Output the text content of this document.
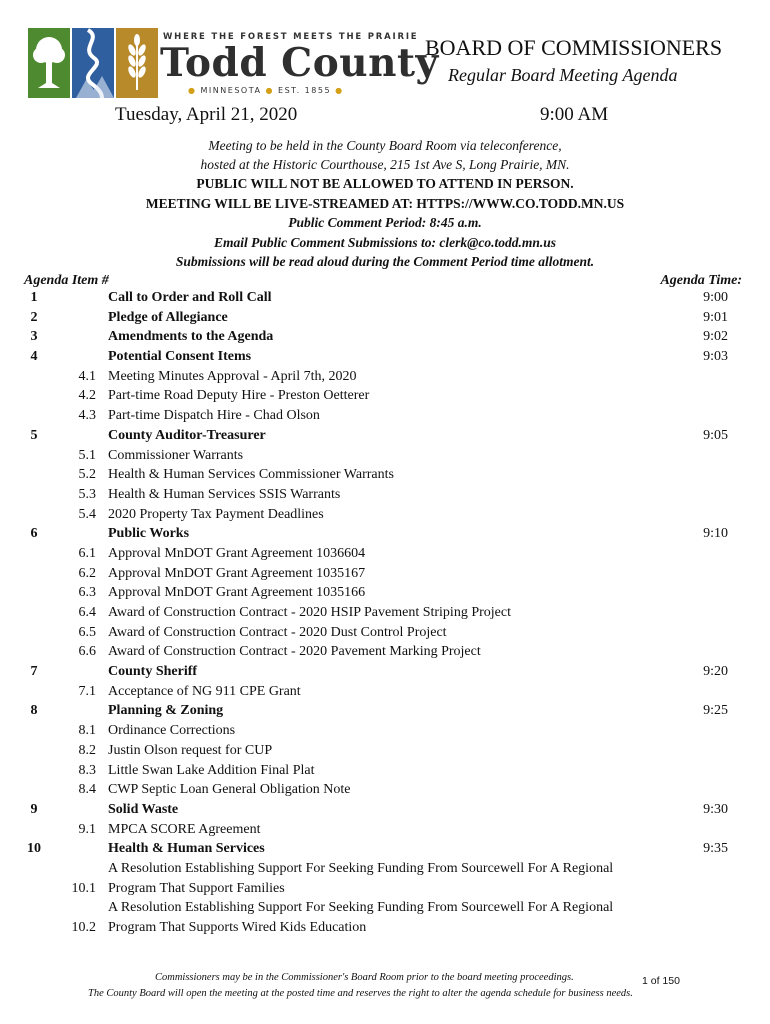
WHERE THE FOREST MEETS THE PRAIRIE
Todd County
● MINNESOTA ● EST. 1855 ●
BOARD OF COMMISSIONERS
Regular Board Meeting Agenda
Tuesday, April 21, 2020	9:00 AM
Meeting to be held in the County Board Room via teleconference,
hosted at the Historic Courthouse, 215 1st Ave S, Long Prairie, MN.
PUBLIC WILL NOT BE ALLOWED TO ATTEND IN PERSON.
MEETING WILL BE LIVE-STREAMED AT: HTTPS://WWW.CO.TODD.MN.US
Public Comment Period: 8:45 a.m.
Email Public Comment Submissions to: clerk@co.todd.mn.us
Submissions will be read aloud during the Comment Period time allotment.
Agenda Item #	Agenda Time:
1	Call to Order and Roll Call	9:00
2	Pledge of Allegiance	9:01
3	Amendments to the Agenda	9:02
4	Potential Consent Items	9:03
4.1 Meeting Minutes Approval - April 7th, 2020
4.2 Part-time Road Deputy Hire - Preston Oetterer
4.3 Part-time Dispatch Hire - Chad Olson
5	County Auditor-Treasurer	9:05
5.1 Commissioner Warrants
5.2 Health & Human Services Commissioner Warrants
5.3 Health & Human Services SSIS Warrants
5.4 2020 Property Tax Payment Deadlines
6	Public Works	9:10
6.1 Approval MnDOT Grant Agreement 1036604
6.2 Approval MnDOT Grant Agreement 1035167
6.3 Approval MnDOT Grant Agreement 1035166
6.4 Award of Construction Contract - 2020 HSIP Pavement Striping Project
6.5 Award of Construction Contract - 2020 Dust Control Project
6.6 Award of Construction Contract - 2020 Pavement Marking Project
7	County Sheriff	9:20
7.1 Acceptance of NG 911 CPE Grant
8	Planning & Zoning	9:25
8.1 Ordinance Corrections
8.2 Justin Olson request for CUP
8.3 Little Swan Lake Addition Final Plat
8.4 CWP Septic Loan General Obligation Note
9	Solid Waste	9:30
9.1 MPCA SCORE Agreement
10	Health & Human Services	9:35
A Resolution Establishing Support For Seeking Funding From Sourcewell For A Regional
10.1 Program That Support Families
A Resolution Establishing Support For Seeking Funding From Sourcewell For A Regional
10.2 Program That Supports Wired Kids Education
Commissioners may be in the Commissioner's Board Room prior to the board meeting proceedings.	1 of 150
The County Board will open the meeting at the posted time and reserves the right to alter the agenda schedule for business needs.
